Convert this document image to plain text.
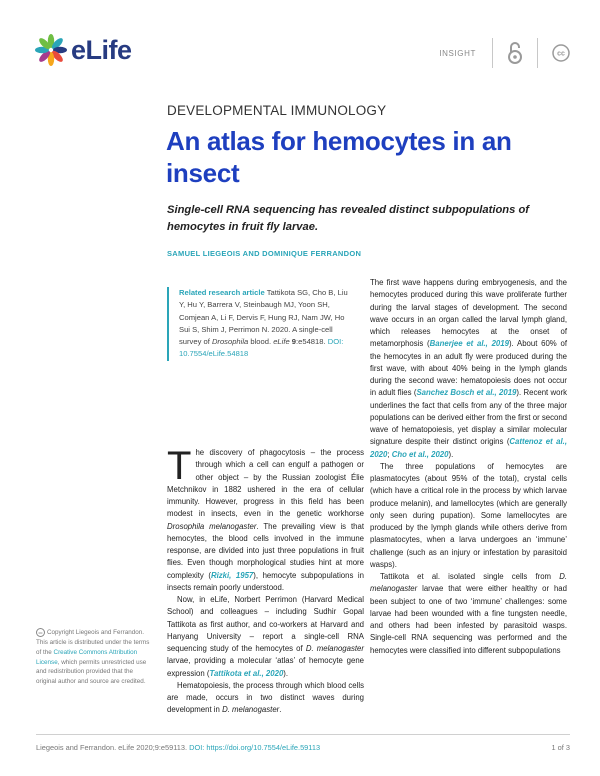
eLife	INSIGHT	cc
DEVELOPMENTAL IMMUNOLOGY
An atlas for hemocytes in an insect
Single-cell RNA sequencing has revealed distinct subpopulations of hemocytes in fruit fly larvae.
SAMUEL LIEGEOIS AND DOMINIQUE FERRANDON
Related research article Tattikota SG, Cho B, Liu Y, Hu Y, Barrera V, Steinbaugh MJ, Yoon SH, Comjean A, Li F, Dervis F, Hung RJ, Nam JW, Ho Sui S, Shim J, Perrimon N. 2020. A single-cell survey of Drosophila blood. eLife 9:e54818. DOI: 10.7554/eLife.54818

The discovery of phagocytosis – the process through which a cell can engulf a pathogen or other object – by the Russian zoologist Élie Metchnikov in 1882 ushered in the era of cellular immunity. However, progress in this field has been modest in insects, even in the genetic workhorse Drosophila melanogaster. The prevailing view is that hemocytes, the blood cells involved in the immune response, are divided into just three populations in fruit flies. Even though morphological studies hint at more complexity (Rizki, 1957), hemocyte subpopulations in insects remain poorly understood.

Now, in eLife, Norbert Perrimon (Harvard Medical School) and colleagues – including Sudhir Gopal Tattikota as first author, and co-workers at Harvard and Hanyang University – report a single-cell RNA sequencing study of the hemocytes of D. melanogaster larvae, providing a molecular ‘atlas’ of hemocyte gene expression (Tattikota et al., 2020).

Hematopoiesis, the process through which blood cells are made, occurs in two distinct waves during development in D. melanogaster.

The first wave happens during embryogenesis, and the hemocytes produced during this wave proliferate further during the larval stages of development. The second wave occurs in an organ called the larval lymph gland, which releases hemocytes at the onset of metamorphosis (Banerjee et al., 2019). About 60% of the hemocytes in an adult fly were produced during the first wave, with about 40% being in the lymph glands during the second wave: hematopoiesis does not occur in adult flies (Sanchez Bosch et al., 2019). Recent work underlines the fact that cells from any of the three major populations can be derived either from the first or second wave of hematopoiesis, yet display a similar molecular signature despite their distinct origins (Cattenoz et al., 2020; Cho et al., 2020).

The three populations of hemocytes are plasmatocytes (about 95% of the total), crystal cells (which have a critical role in the process by which larvae produce melanin), and lamellocytes (which are generally only seen during pupation). Some lamellocytes are produced by the lymph glands while others derive from plasmatocytes, when a larva undergoes an ‘immune’ challenge (such as an injury or infestation by parasitoid wasps).

Tattikota et al. isolated single cells from D. melanogaster larvae that were either healthy or had been subject to one of two ‘immune’ challenges: some larvae had been wounded with a fine tungsten needle, and others had been infested by parasitoid wasps. Single-cell RNA sequencing was performed and the hemocytes were classified into different subpopulations

cc Copyright Liegeois and Ferrandon. This article is distributed under the terms of the Creative Commons Attribution License, which permits unrestricted use and redistribution provided that the original author and source are credited.
Liegeois and Ferrandon. eLife 2020;9:e59113. DOI: https://doi.org/10.7554/eLife.59113	1 of 3
